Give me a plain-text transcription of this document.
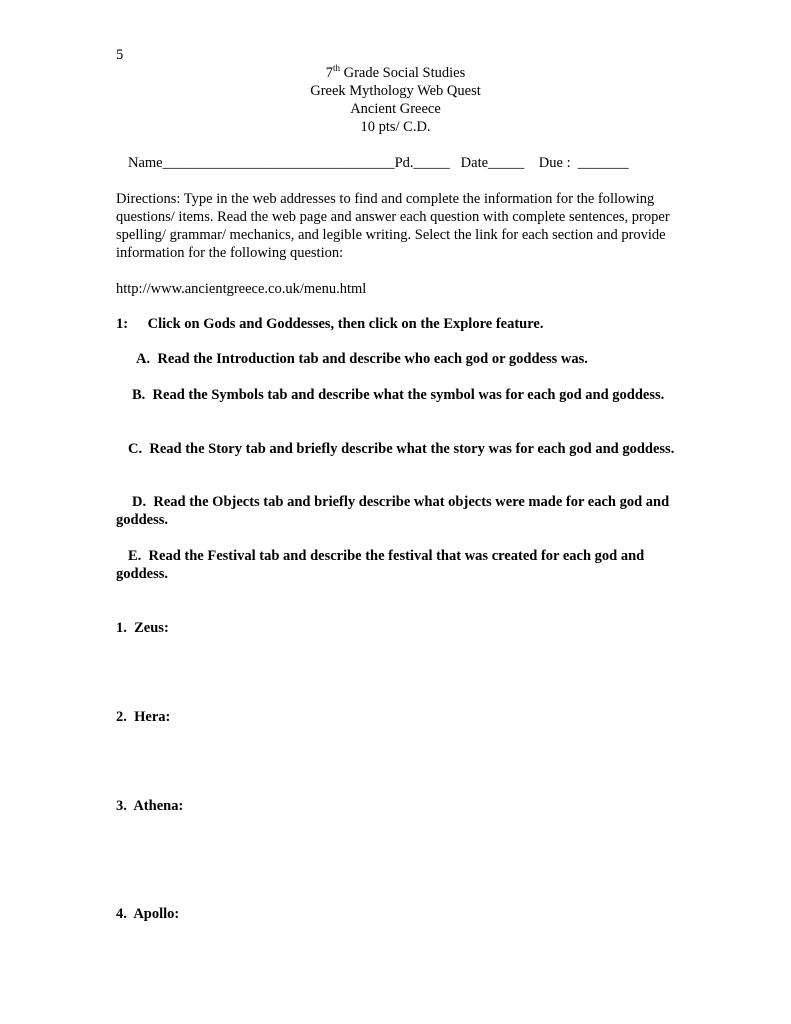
5
7th Grade Social Studies
Greek Mythology Web Quest
Ancient Greece
10 pts/ C.D.
Name________________________________Pd._____   Date_____    Due :  _______
Directions: Type in the web addresses to find and complete the information for the following questions/ items. Read the web page and answer each question with complete sentences, proper spelling/ grammar/ mechanics, and legible writing. Select the link for each section and provide information for the following question:
http://www.ancientgreece.co.uk/menu.html
1: Click on Gods and Goddesses, then click on the Explore feature.
A. Read the Introduction tab and describe who each god or goddess was.
B. Read the Symbols tab and describe what the symbol was for each god and goddess.
C. Read the Story tab and briefly describe what the story was for each god and goddess.
D. Read the Objects tab and briefly describe what objects were made for each god and goddess.
E. Read the Festival tab and describe the festival that was created for each god and goddess.
1. Zeus:
2. Hera:
3. Athena:
4. Apollo:
